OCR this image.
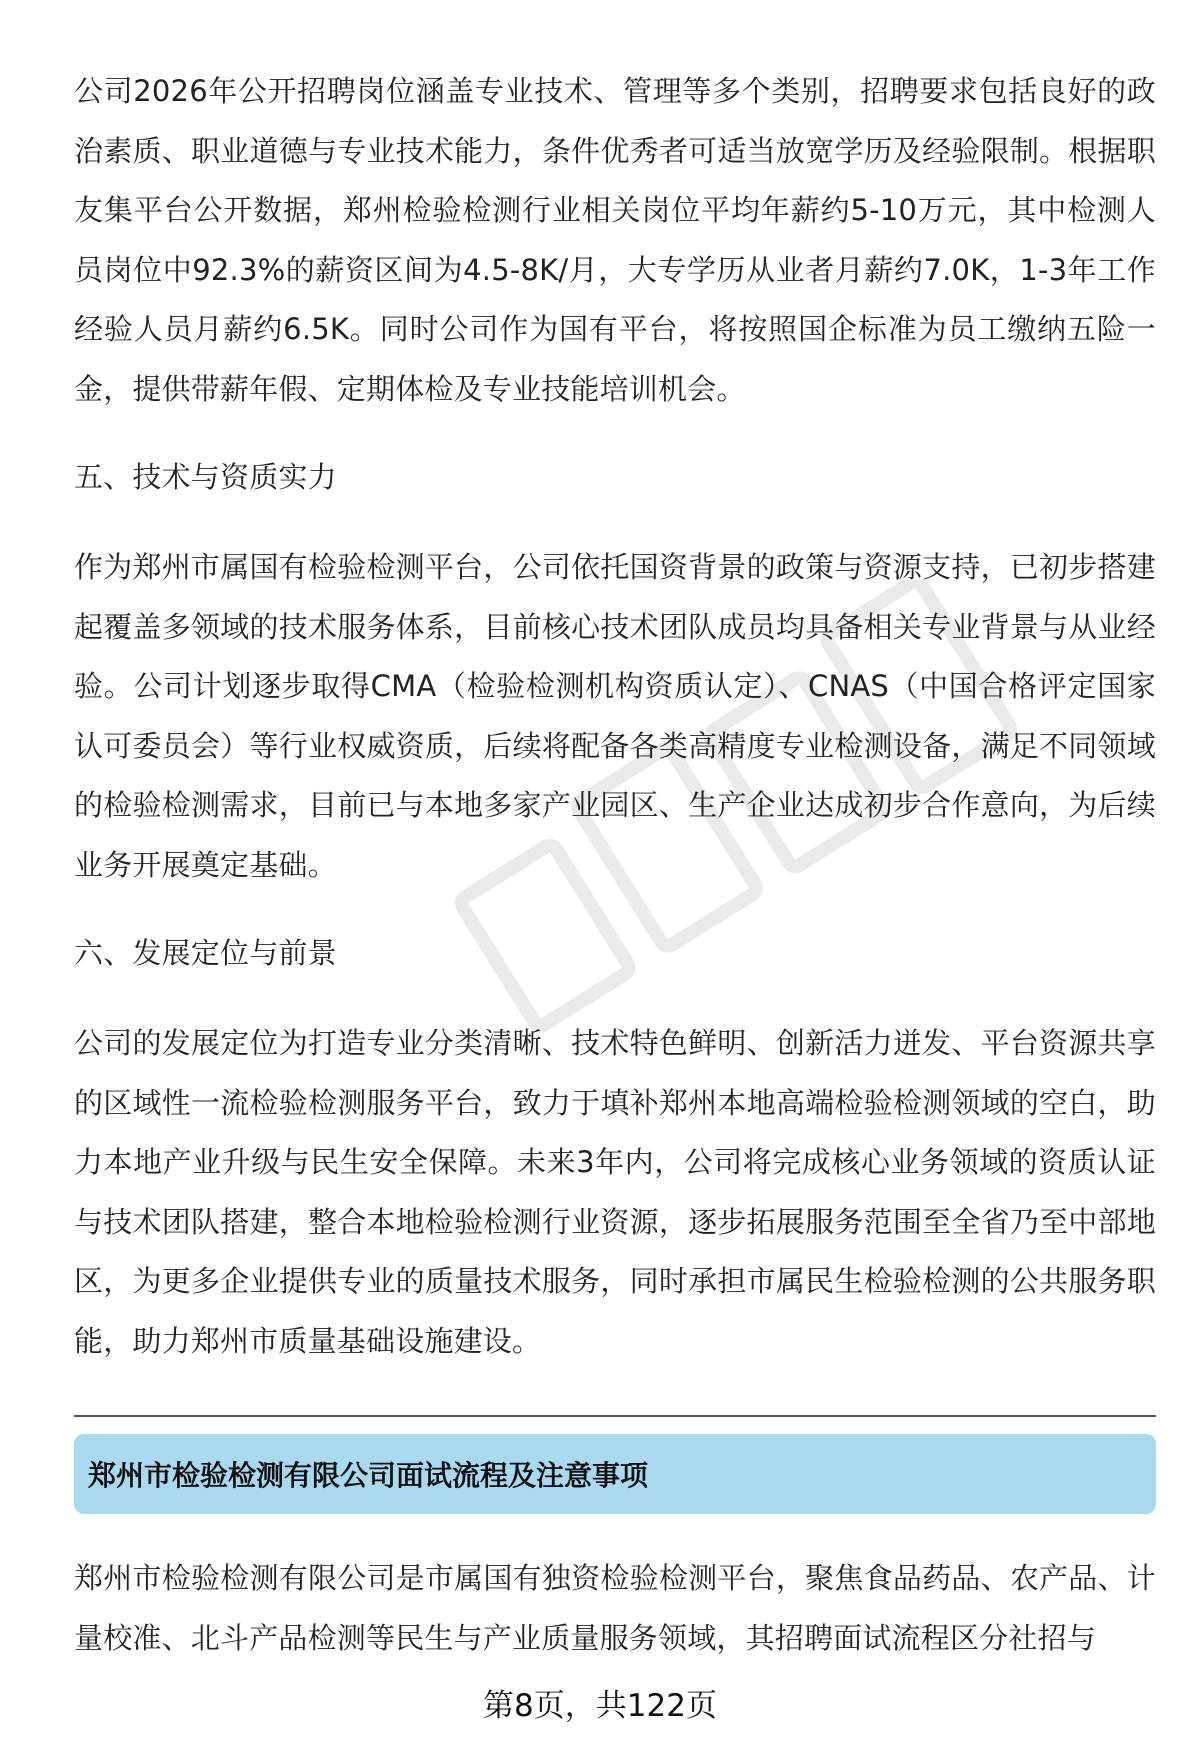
公司2026年公开招聘岗位涵盖专业技术、管理等多个类别，招聘要求包括良好的政治素质、职业道德与专业技术能力，条件优秀者可适当放宽学历及经验限制。根据职友集平台公开数据，郑州检验检测行业相关岗位平均年薪约5-10万元，其中检测人员岗位中92.3%的薪资区间为4.5-8K/月，大专学历从业者月薪约7.0K，1-3年工作经验人员月薪约6.5K。同时公司作为国有平台，将按照国企标准为员工缴纳五险一金，提供带薪年假、定期体检及专业技能培训机会。

五、技术与资质实力

作为郑州市属国有检验检测平台，公司依托国资背景的政策与资源支持，已初步搭建起覆盖多领域的技术服务体系，目前核心技术团队成员均具备相关专业背景与从业经验。公司计划逐步取得CMA（检验检测机构资质认定）、CNAS（中国合格评定国家认可委员会）等行业权威资质，后续将配备各类高精度专业检测设备，满足不同领域的检验检测需求，目前已与本地多家产业园区、生产企业达成初步合作意向，为后续业务开展奠定基础。

六、发展定位与前景

公司的发展定位为打造专业分类清晰、技术特色鲜明、创新活力迸发、平台资源共享的区域性一流检验检测服务平台，致力于填补郑州本地高端检验检测领域的空白，助力本地产业升级与民生安全保障。未来3年内，公司将完成核心业务领域的资质认证与技术团队搭建，整合本地检验检测行业资源，逐步拓展服务范围至全省乃至中部地区，为更多企业提供专业的质量技术服务，同时承担市属民生检验检测的公共服务职能，助力郑州市质量基础设施建设。

郑州市检验检测有限公司面试流程及注意事项

郑州市检验检测有限公司是市属国有独资检验检测平台，聚焦食品药品、农产品、计量校准、北斗产品检测等民生与产业质量服务领域，其招聘面试流程区分社招与

第8页，共122页
